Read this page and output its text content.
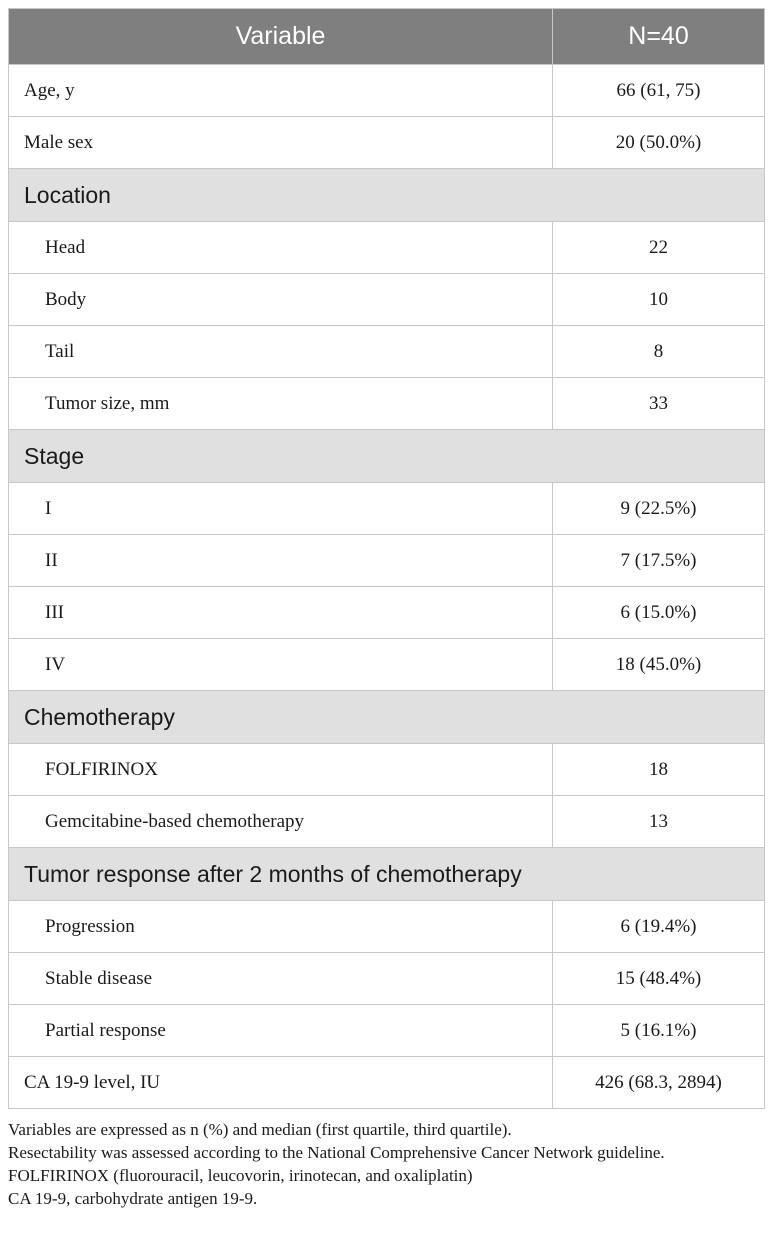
Variable	N=40
Age, y	66 (61, 75)
Male sex	20 (50.0%)
Location	
Head	22
Body	10
Tail	8
Tumor size, mm	33
Stage	
I	9 (22.5%)
II	7 (17.5%)
III	6 (15.0%)
IV	18 (45.0%)
Chemotherapy	
FOLFIRINOX	18
Gemcitabine-based chemotherapy	13
Tumor response after 2 months of chemotherapy	
Progression	6 (19.4%)
Stable disease	15 (48.4%)
Partial response	5 (16.1%)
CA 19-9 level, IU	426 (68.3, 2894)

Variables are expressed as n (%) and median (first quartile, third quartile).

Resectability was assessed according to the National Comprehensive Cancer Network guideline.

FOLFIRINOX (fluorouracil, leucovorin, irinotecan, and oxaliplatin)

CA 19-9, carbohydrate antigen 19-9.
